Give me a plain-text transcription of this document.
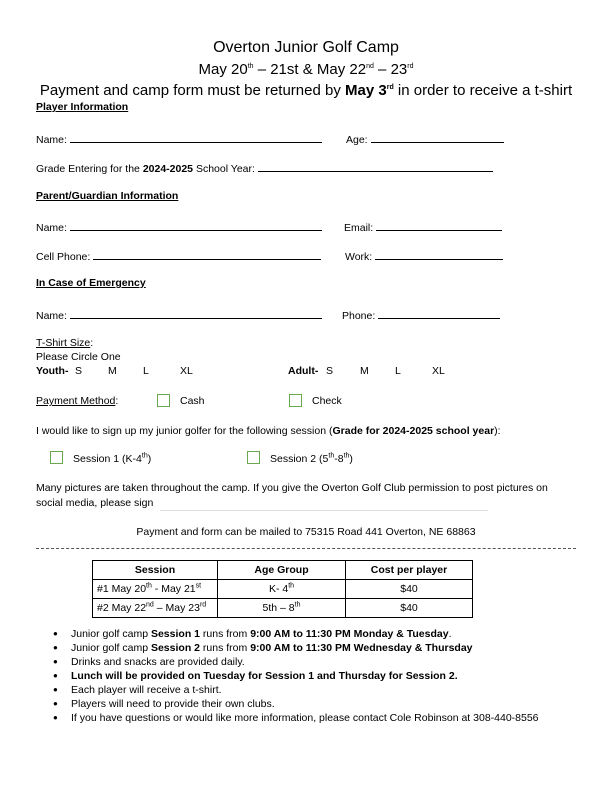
Overton Junior Golf Camp
May 20th – 21st & May 22nd – 23rd
Payment and camp form must be returned by May 3rd in order to receive a t-shirt
Player Information
Name:	Age:
Grade Entering for the 2024-2025 School Year:
Parent/Guardian Information
Name:	Email:
Cell Phone:	Work:
In Case of Emergency
Name:	Phone:
T-Shirt Size:
Please Circle One
Youth- S M	L	XL	Adult- S	M	L	XL
Payment Method:	Cash	Check
I would like to sign up my junior golfer for the following session (Grade for 2024-2025 school year):
Session 1 (K-4th)	Session 2 (5th-8th)
Many pictures are taken throughout the camp. If you give the Overton Golf Club permission to post pictures on
social media, please sign
Payment and form can be mailed to 75315 Road 441 Overton, NE 68863
Session	Age Group	Cost per player
#1 May 20th - May 21st	K- 4th	$40
#2 May 22nd – May 23rd	5th – 8th	$40
● Junior golf camp Session 1 runs from 9:00 AM to 11:30 PM Monday & Tuesday.
● Junior golf camp Session 2 runs from 9:00 AM to 11:30 PM Wednesday & Thursday
● Drinks and snacks are provided daily.
● Lunch will be provided on Tuesday for Session 1 and Thursday for Session 2.
● Each player will receive a t-shirt.
● Players will need to provide their own clubs.
● If you have questions or would like more information, please contact Cole Robinson at 308-440-8556
